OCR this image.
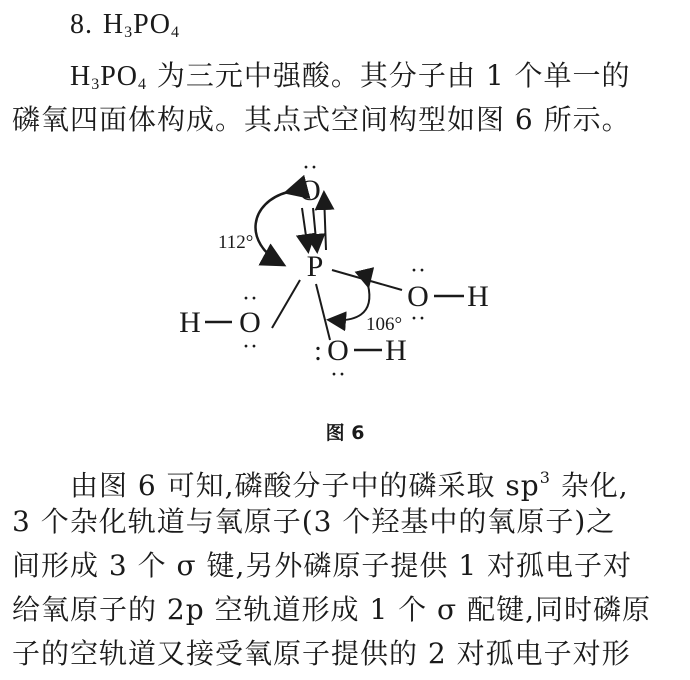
8. $H_3PO_4$
$H_3PO_4$ 为三元中强酸。其分子由 1 个单一的
磷氧四面体构成。其点式空间构型如图 6 所示。
··
O
112°
P	··
O
··
H
H
··
O
··
106°
: O
··
H
图 6
由图 6 可知,磷酸分子中的磷采取 $sp^3$ 杂化,
3 个杂化轨道与氧原子(3 个羟基中的氧原子)之
间形成 3 个 σ 键,另外磷原子提供 1 对孤电子对
给氧原子的 2p 空轨道形成 1 个 σ 配键,同时磷原
子的空轨道又接受氧原子提供的 2 对孤电子对形
